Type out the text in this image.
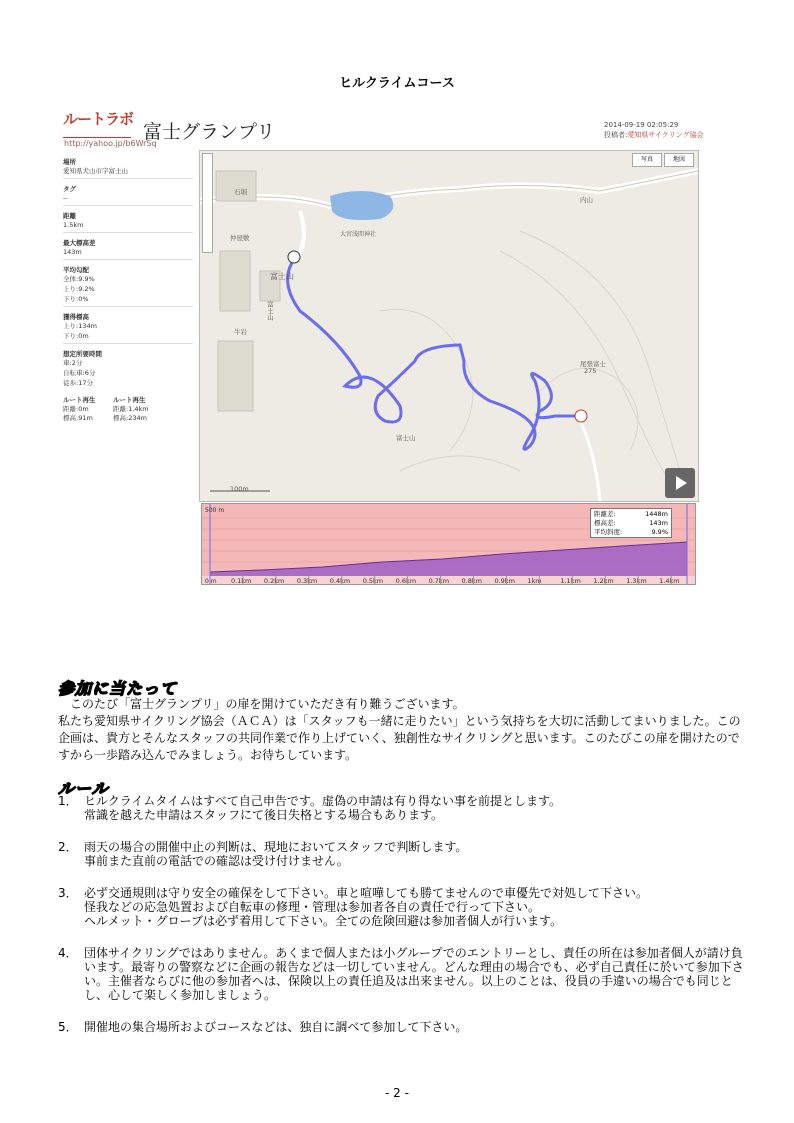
ヒルクライムコース
ルートラボ
富士グランプリ
http://yahoo.jp/b6WrSq
2014-09-19 02:05:29
投稿者:愛知県サイクリング協会
場所
愛知県犬山市字富士山
タグ
--
距離
1.5km
最大標高差
143m
平均勾配
全体:9.9%
上り:9.2%
下り:0%
獲得標高
上り:134m
下り:0m
想定所要時間
車:2分
自転車:6分
徒歩:17分
ルート再生
距離:0m
標高:91m
ルート再生
距離:1.4km
標高:234m
写真	地図
石堀
内山
仲屋敷
富士山
牛岩
富士山
尾張富士
275
大宮浅間神社
富士山
100m
500 m
0 m 0.1km 0.2km 0.3km 0.4km 0.5km 0.6km 0.7km 0.8km 0.9km 1km	1.1km 1.2km 1.3km 1.4km
距離差:	1448m
標高差:	143m
平均斜度:	9.9%
参加に当たって

このたび「富士グランプリ」の扉を開けていただき有り難うございます。

私たち愛知県サイクリング協会（ＡＣＡ）は「スタッフも一緒に走りたい」という気持ちを大切に活動してまいりました。この企画は、貴方とそんなスタッフの共同作業で作り上げていく、独創性なサイクリングと思います。このたびこの扉を開けたのですから一歩踏み込んでみましょう。お待ちしています。

ルール
1． ヒルクライムタイムはすべて自己申告です。虚偽の申請は有り得ない事を前提とします。
常識を越えた申請はスタッフにて後日失格とする場合もあります。
2． 雨天の場合の開催中止の判断は、現地においてスタッフで判断します。
事前また直前の電話での確認は受け付けません。
3． 必ず交通規則は守り安全の確保をして下さい。車と喧嘩しても勝てませんので車優先で対処して下さい。
怪我などの応急処置および自転車の修理・管理は参加者各自の責任で行って下さい。
ヘルメット・グローブは必ず着用して下さい。全ての危険回避は参加者個人が行います。
4． 団体サイクリングではありません。あくまで個人または小グループでのエントリーとし、責任の所在は参加者個人が請け負います。最寄りの警察などに企画の報告などは一切していません。どんな理由の場合でも、必ず自己責任に於いて参加下さい。主催者ならびに他の参加者へは、保険以上の責任追及は出来ません。以上のことは、役員の手違いの場合でも同じとし、心して楽しく参加しましょう。
5． 開催地の集合場所およびコースなどは、独自に調べて参加して下さい。
- 2 -
